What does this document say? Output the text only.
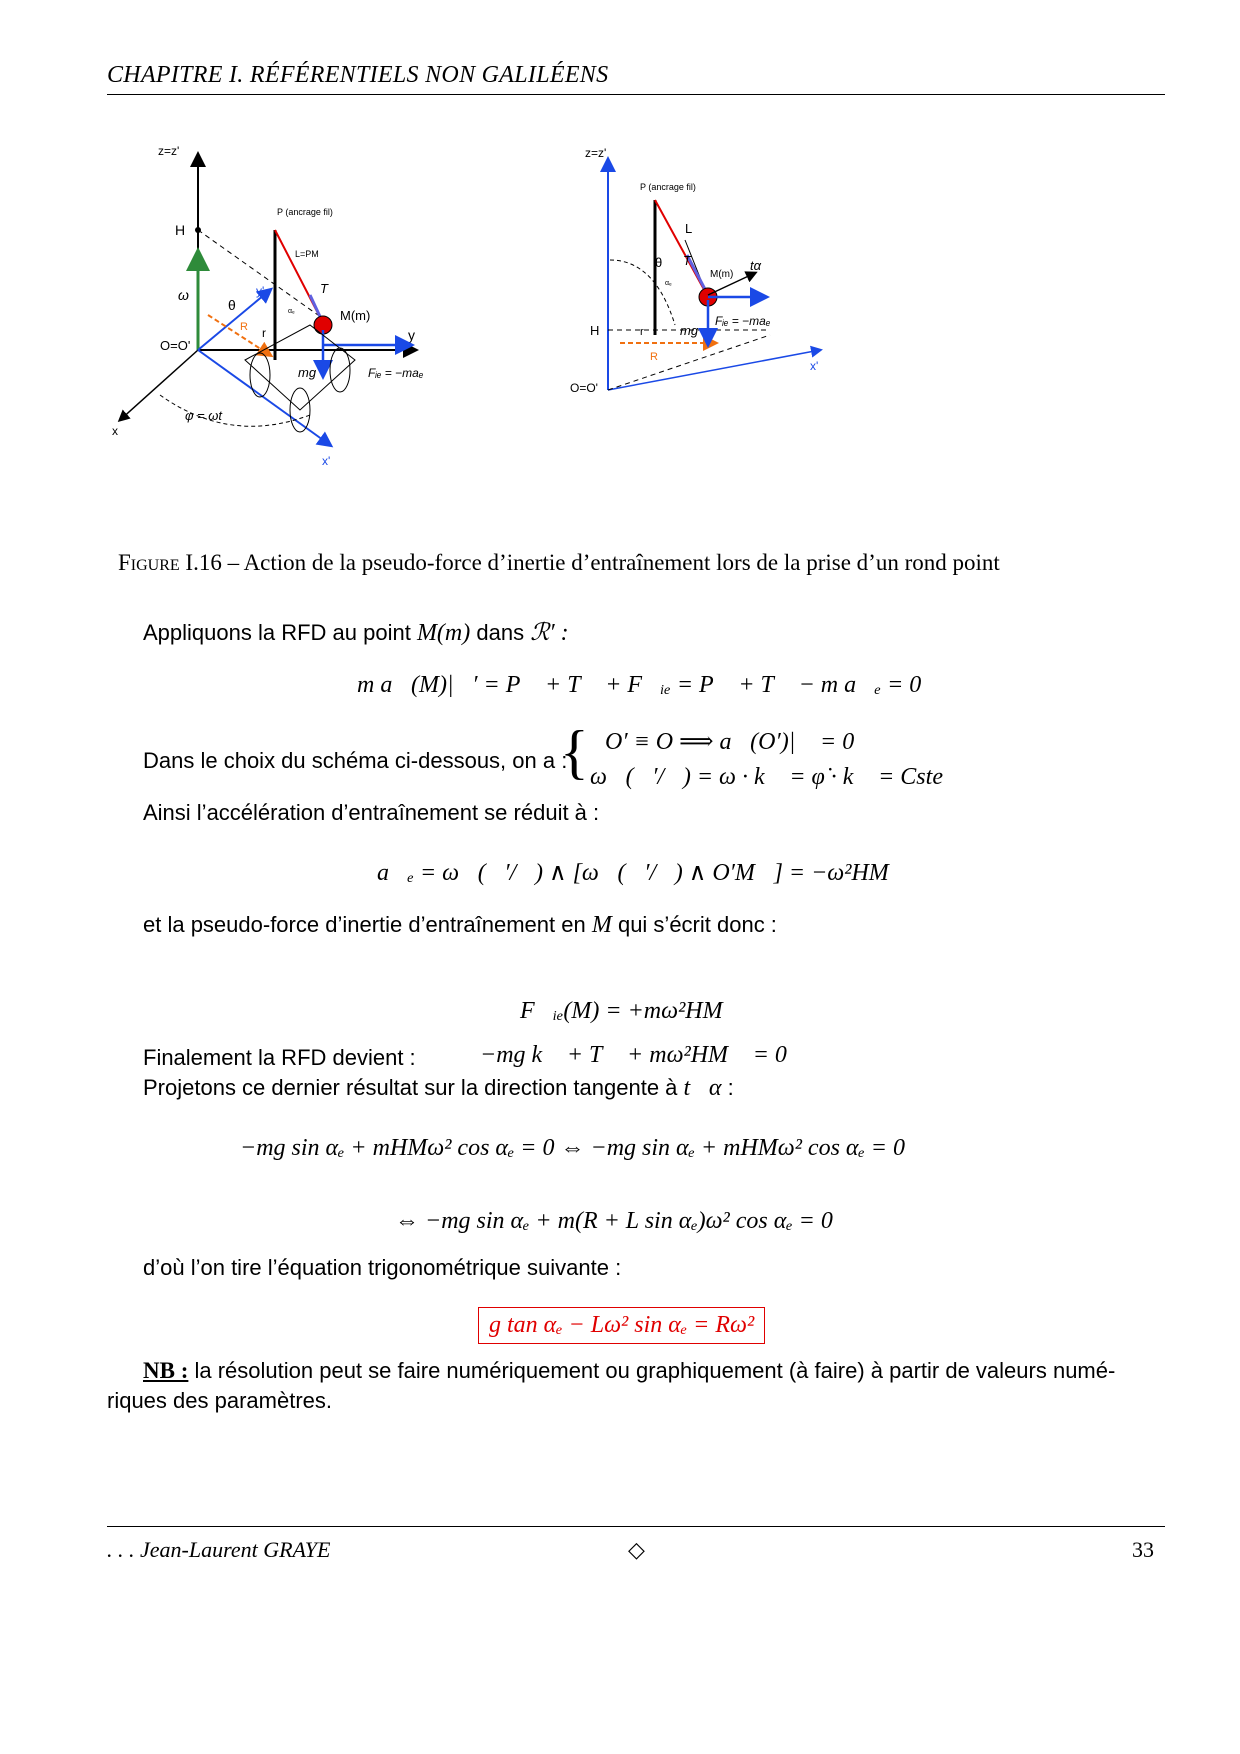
CHAPITRE I. RÉFÉRENTIELS NON GALILÉENS
z=z'
ω
H
y
x
x'
y'
R
P (ancrage fil)
L=PM
T
αₑ	M(m)
Fᵢₑ = −maₑ
mg
θ
r
O=O'
φ = ωt
z=z'
x'
R
H
O=O'
θ
P (ancrage fil)
L
T
αₑ
M(m)
tα
Fᵢₑ = −maₑ
mg
r
Figure I.16 – Action de la pseudo-force d’inertie d’entraînement lors de la prise d’un rond point
Appliquons la RFD au point M(m) dans ℛ′ :
m a⃗(M)|ℛ′ = P⃗ + T⃗ + F⃗ᵢₑ = P⃗ + T⃗ − m a⃗ₑ = 0⃗
Dans le choix du schéma ci-dessous, on a :
{ O′ ≡ O ⟹ a⃗(O′)|ℛ = 0⃗
ω⃗(ℛ′/ℛ) = ω · k⃗ = φ̇ · k⃗ = Cste
Ainsi l’accélération d’entraînement se réduit à :
a⃗ₑ = ω⃗(ℛ′/ℛ) ∧ [ω⃗(ℛ′/ℛ) ∧ O′M⃗] = −ω²HM⃗
et la pseudo-force d’inertie d’entraînement en M qui s’écrit donc :
F⃗ᵢₑ(M) = +mω²HM⃗
Finalement la RFD devient :	−mg k⃗ + T⃗ + mω²HM⃗ = 0⃗
Projetons ce dernier résultat sur la direction tangente à t⃗α :
−mg sin αₑ + mHMω² cos αₑ = 0 ⇔ −mg sin αₑ + mHMω² cos αₑ = 0
⇔ −mg sin αₑ + m(R + L sin αₑ)ω² cos αₑ = 0
d’où l’on tire l’équation trigonométrique suivante :
g tan αₑ − Lω² sin αₑ = Rω²
NB : la résolution peut se faire numériquement ou graphiquement (à faire) à partir de valeurs numé-
riques des paramètres.
. . . Jean-Laurent GRAYE	◇	33
